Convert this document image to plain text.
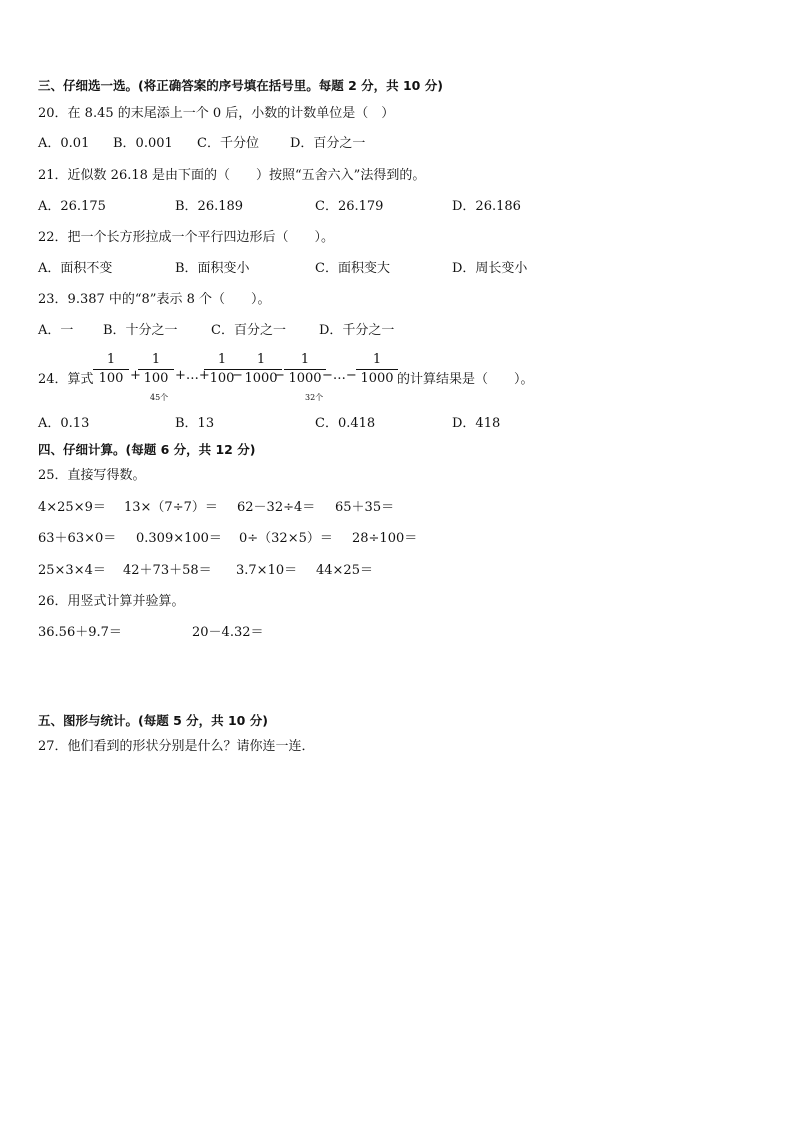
三、仔细选一选。(将正确答案的序号填在括号里。每题 2 分，共 10 分)
20．在 8.45 的末尾添上一个 0 后，小数的计数单位是（　）
A．0.01 B．0.001 C．千分位 D．百分之一
21．近似数 26.18 是由下面的（　　）按照“五舍六入”法得到的。
A．26.175	B．26.189	C．26.179	D．26.186
22．把一个长方形拉成一个平行四边形后（　　）。
A．面积不变	B．面积变小	C．面积变大	D．周长变小
23．9.387 中的“8”表示 8 个（　　）。
A．一 B．十分之一	C．百分之一	D．千分之一
24．算式
1
100 +
1
100 +…+
1
100
−
1
1000
−
1
1000 −…−
1
1000 的计算结果是（　　）。
45个	32个
A．0.13	B．13	C．0.418	D．418
四、仔细计算。(每题 6 分，共 12 分)
25．直接写得数。
4×25×9＝ 13×（7÷7）＝ 62－32÷4＝ 65＋35＝
63＋63×0＝ 0.309×100＝ 0÷（32×5）＝ 28÷100＝
25×3×4＝ 42＋73＋58＝ 3.7×10＝ 44×25＝
26．用竖式计算并验算。
36.56＋9.7＝	20－4.32＝
五、图形与统计。(每题 5 分，共 10 分)
27．他们看到的形状分别是什么？请你连一连．
